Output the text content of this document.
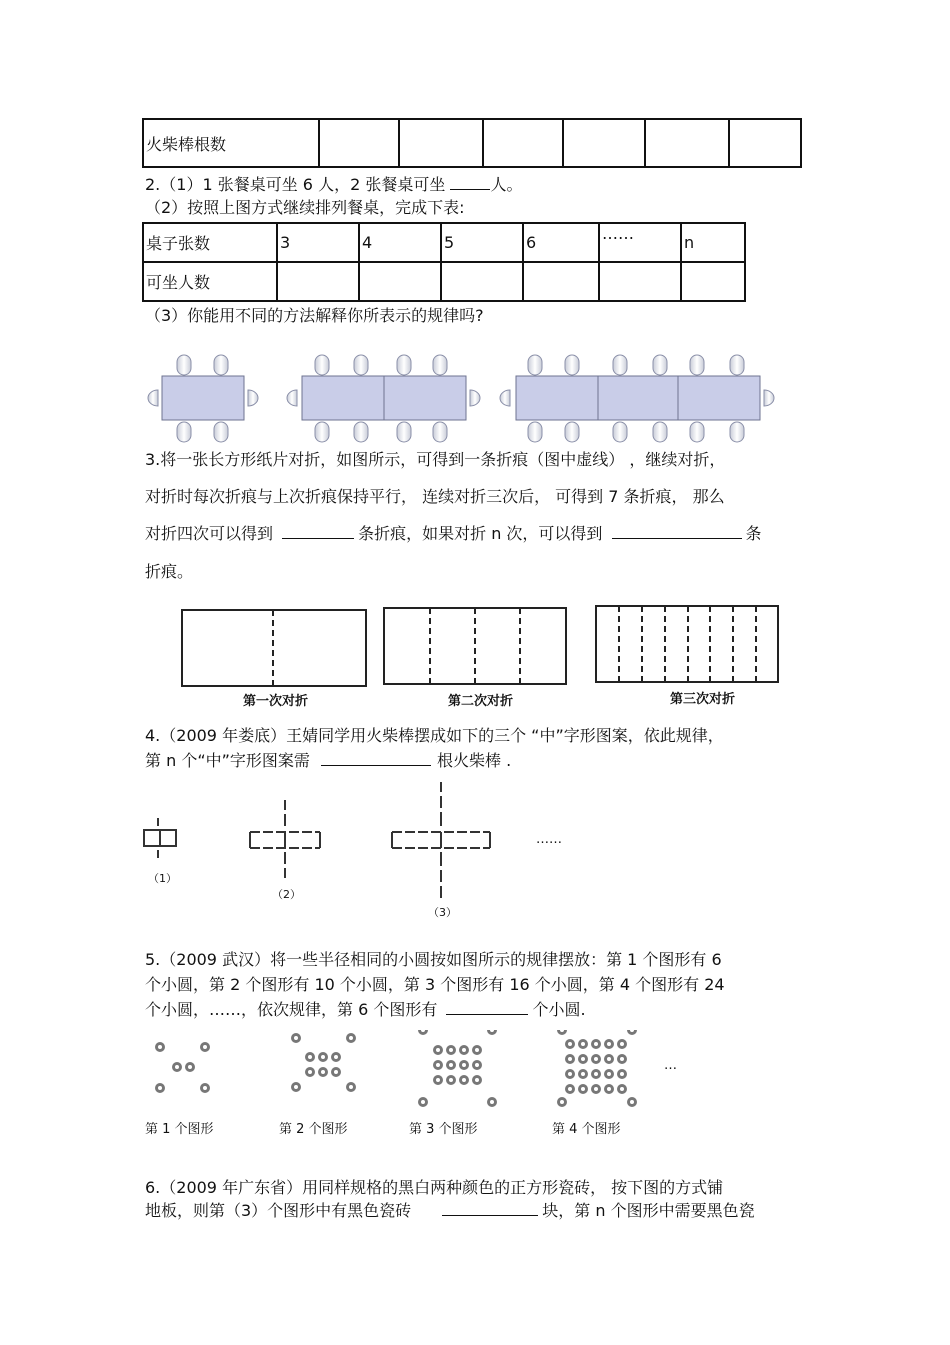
火柴棒根数						
2.（1）1 张餐桌可坐 6 人，2 张餐桌可坐	人。
（2）按照上图方式继续排列餐桌，完成下表:
桌子张数	3	4	5	6	……	n
可坐人数						
（3）你能用不同的方法解释你所表示的规律吗?
3.将一张长方形纸片对折，如图所示，可得到一条折痕（图中虚线） ，继续对折，
对折时每次折痕与上次折痕保持平行， 连续对折三次后， 可得到 7 条折痕， 那么
对折四次可以得到	条折痕，如果对折 n 次，可以得到	条
折痕。
第一次对折	第二次对折	第三次对折
4.（2009 年娄底）王婧同学用火柴棒摆成如下的三个 “中”字形图案，依此规律，
第 n 个“中”字形图案需	根火柴棒 .
（1）
（2）
（3）
……
5.（2009 武汉）将一些半径相同的小圆按如图所示的规律摆放：第 1 个图形有 6
个小圆，第 2 个图形有 10 个小圆，第 3 个图形有 16 个小圆，第 4 个图形有 24
个小圆，……，依次规律，第 6 个图形有	个小圆.
…
第 1 个图形	第 2 个图形	第 3 个图形	第 4 个图形
6.（2009 年广东省）用同样规格的黑白两种颜色的正方形瓷砖， 按下图的方式铺
地板，则第（3）个图形中有黑色瓷砖	块，第 n 个图形中需要黑色瓷
